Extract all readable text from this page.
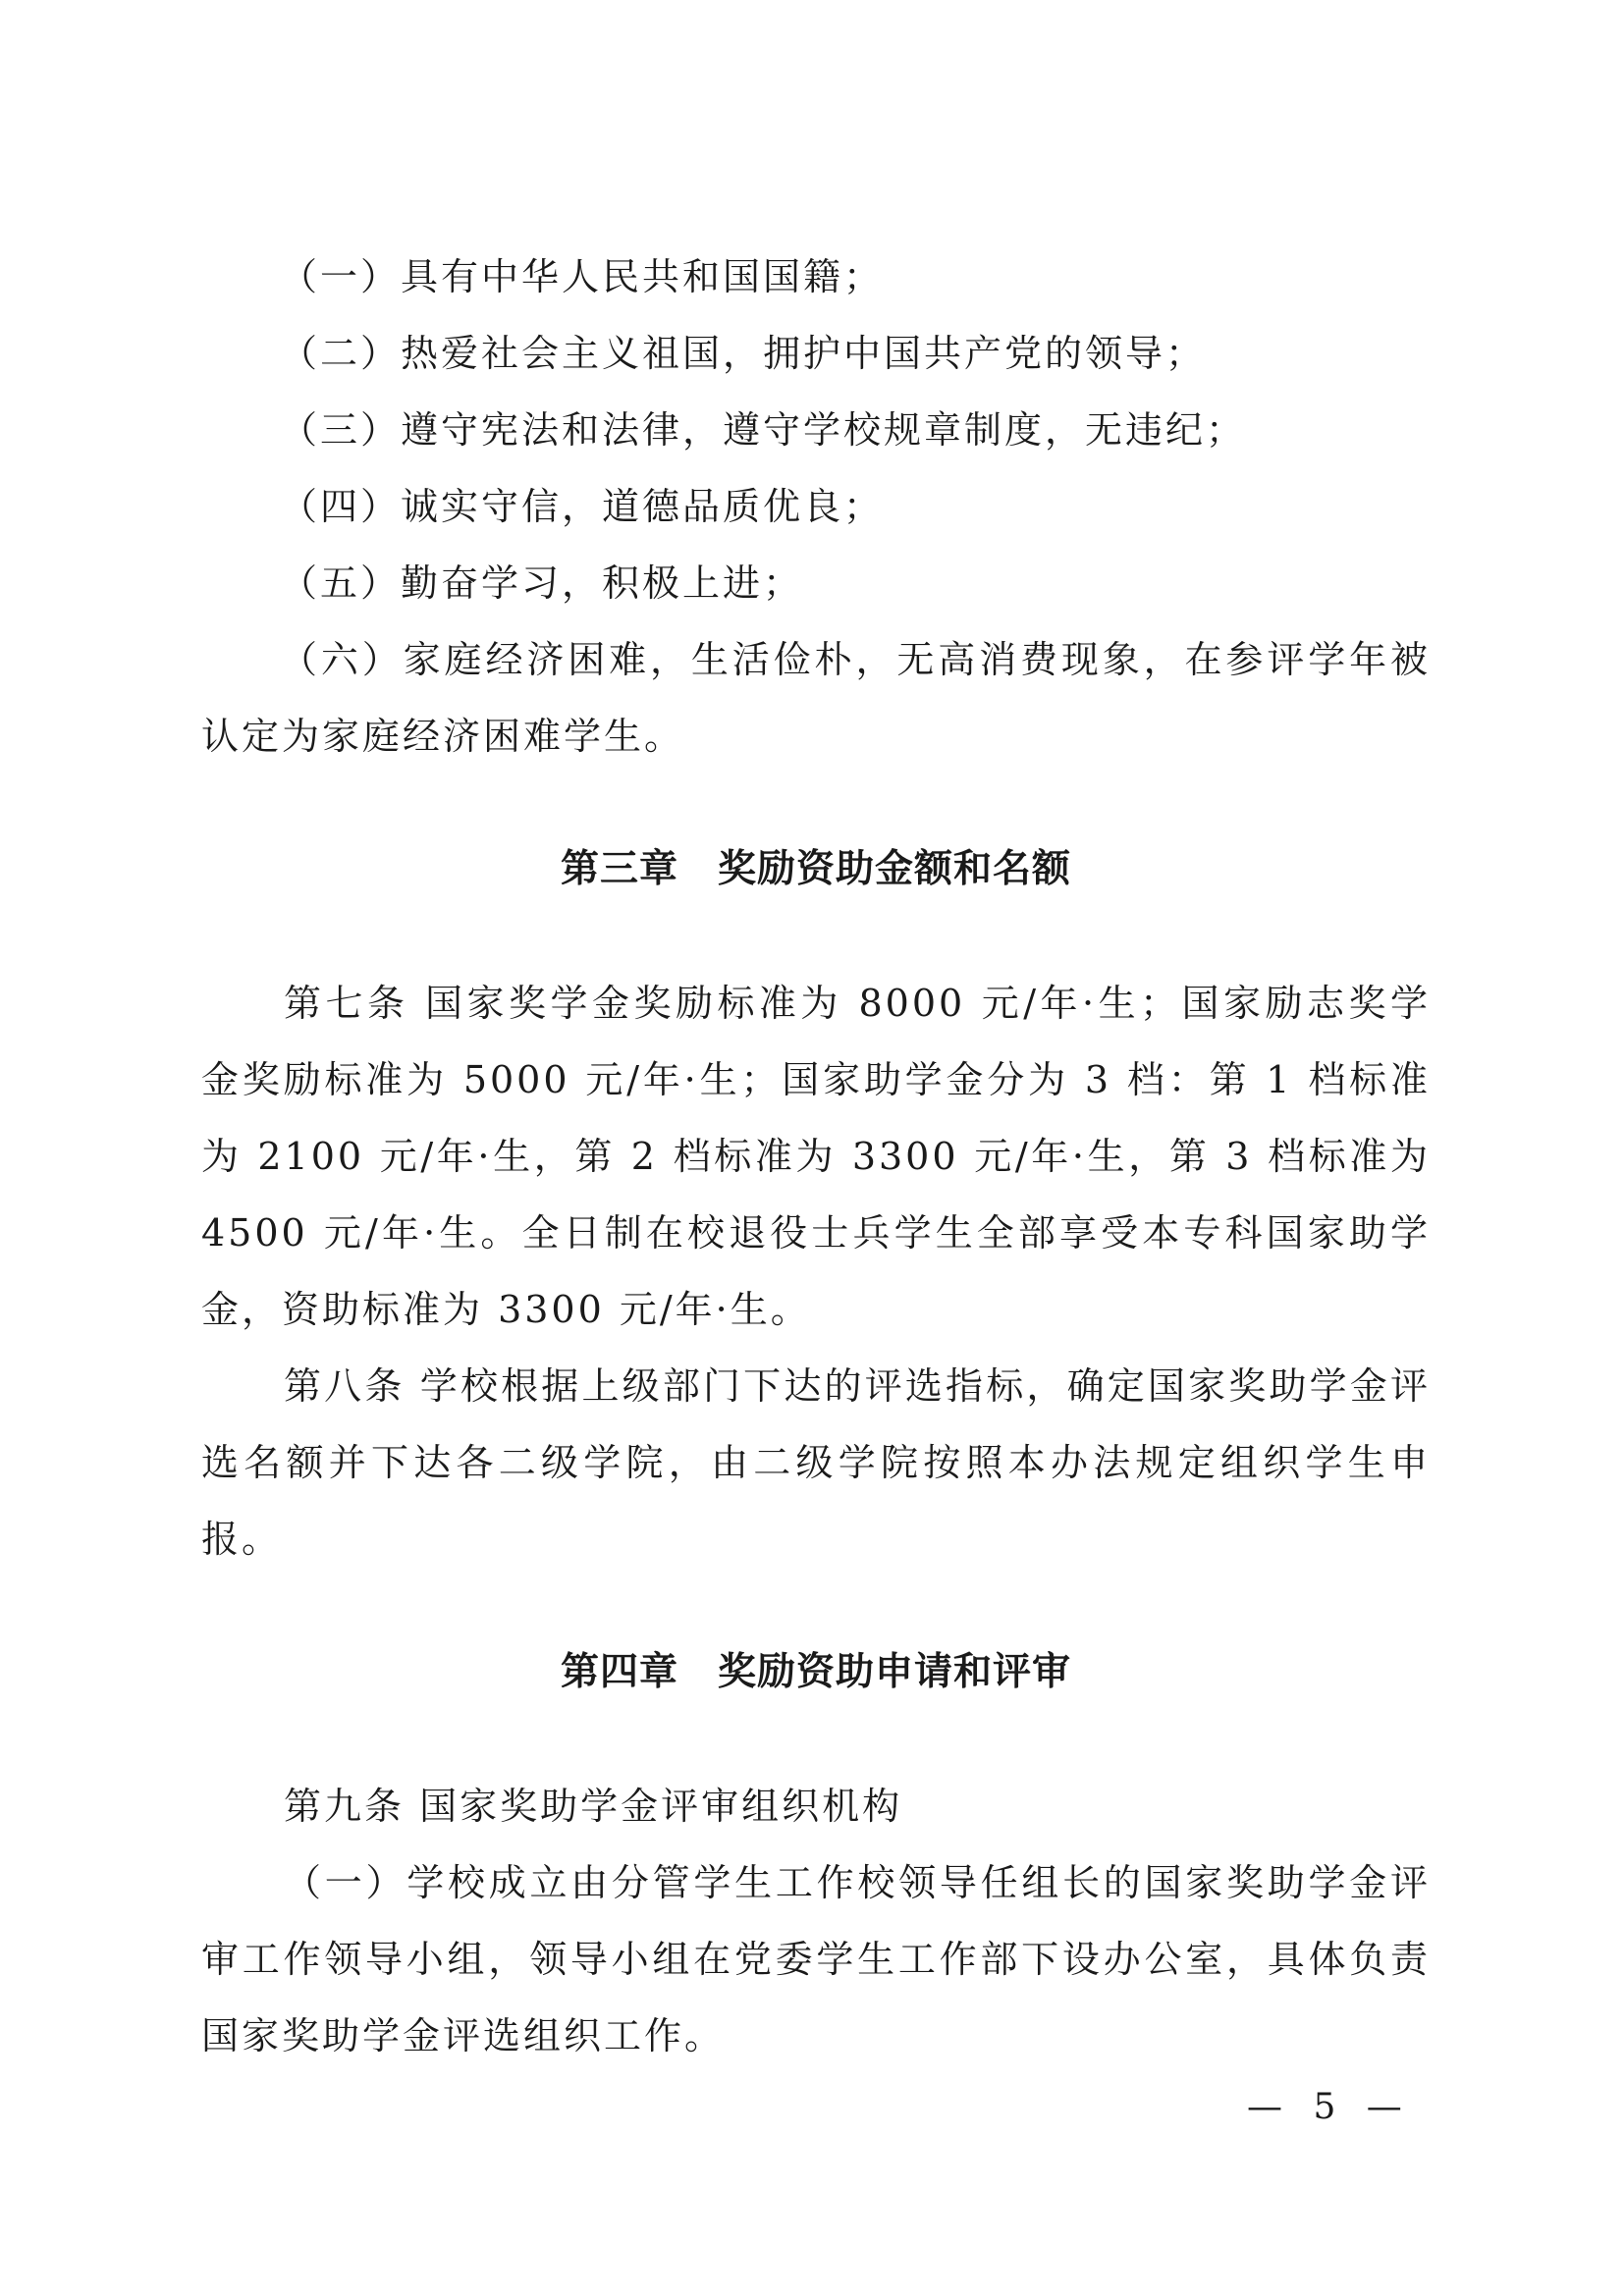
（一）具有中华人民共和国国籍；

（二）热爱社会主义祖国，拥护中国共产党的领导；

（三）遵守宪法和法律，遵守学校规章制度，无违纪；

（四）诚实守信，道德品质优良；

（五）勤奋学习，积极上进；

（六）家庭经济困难，生活俭朴，无高消费现象，在参评学年被认定为家庭经济困难学生。

第三章　奖励资助金额和名额

第七条 国家奖学金奖励标准为 8000 元/年·生；国家励志奖学金奖励标准为 5000 元/年·生；国家助学金分为 3 档：第 1 档标准为 2100 元/年·生，第 2 档标准为 3300 元/年·生，第 3 档标准为 4500 元/年·生。全日制在校退役士兵学生全部享受本专科国家助学金，资助标准为 3300 元/年·生。

第八条 学校根据上级部门下达的评选指标，确定国家奖助学金评选名额并下达各二级学院，由二级学院按照本办法规定组织学生申报。

第四章　奖励资助申请和评审

第九条 国家奖助学金评审组织机构

（一）学校成立由分管学生工作校领导任组长的国家奖助学金评审工作领导小组，领导小组在党委学生工作部下设办公室，具体负责国家奖助学金评选组织工作。

— 5 —
